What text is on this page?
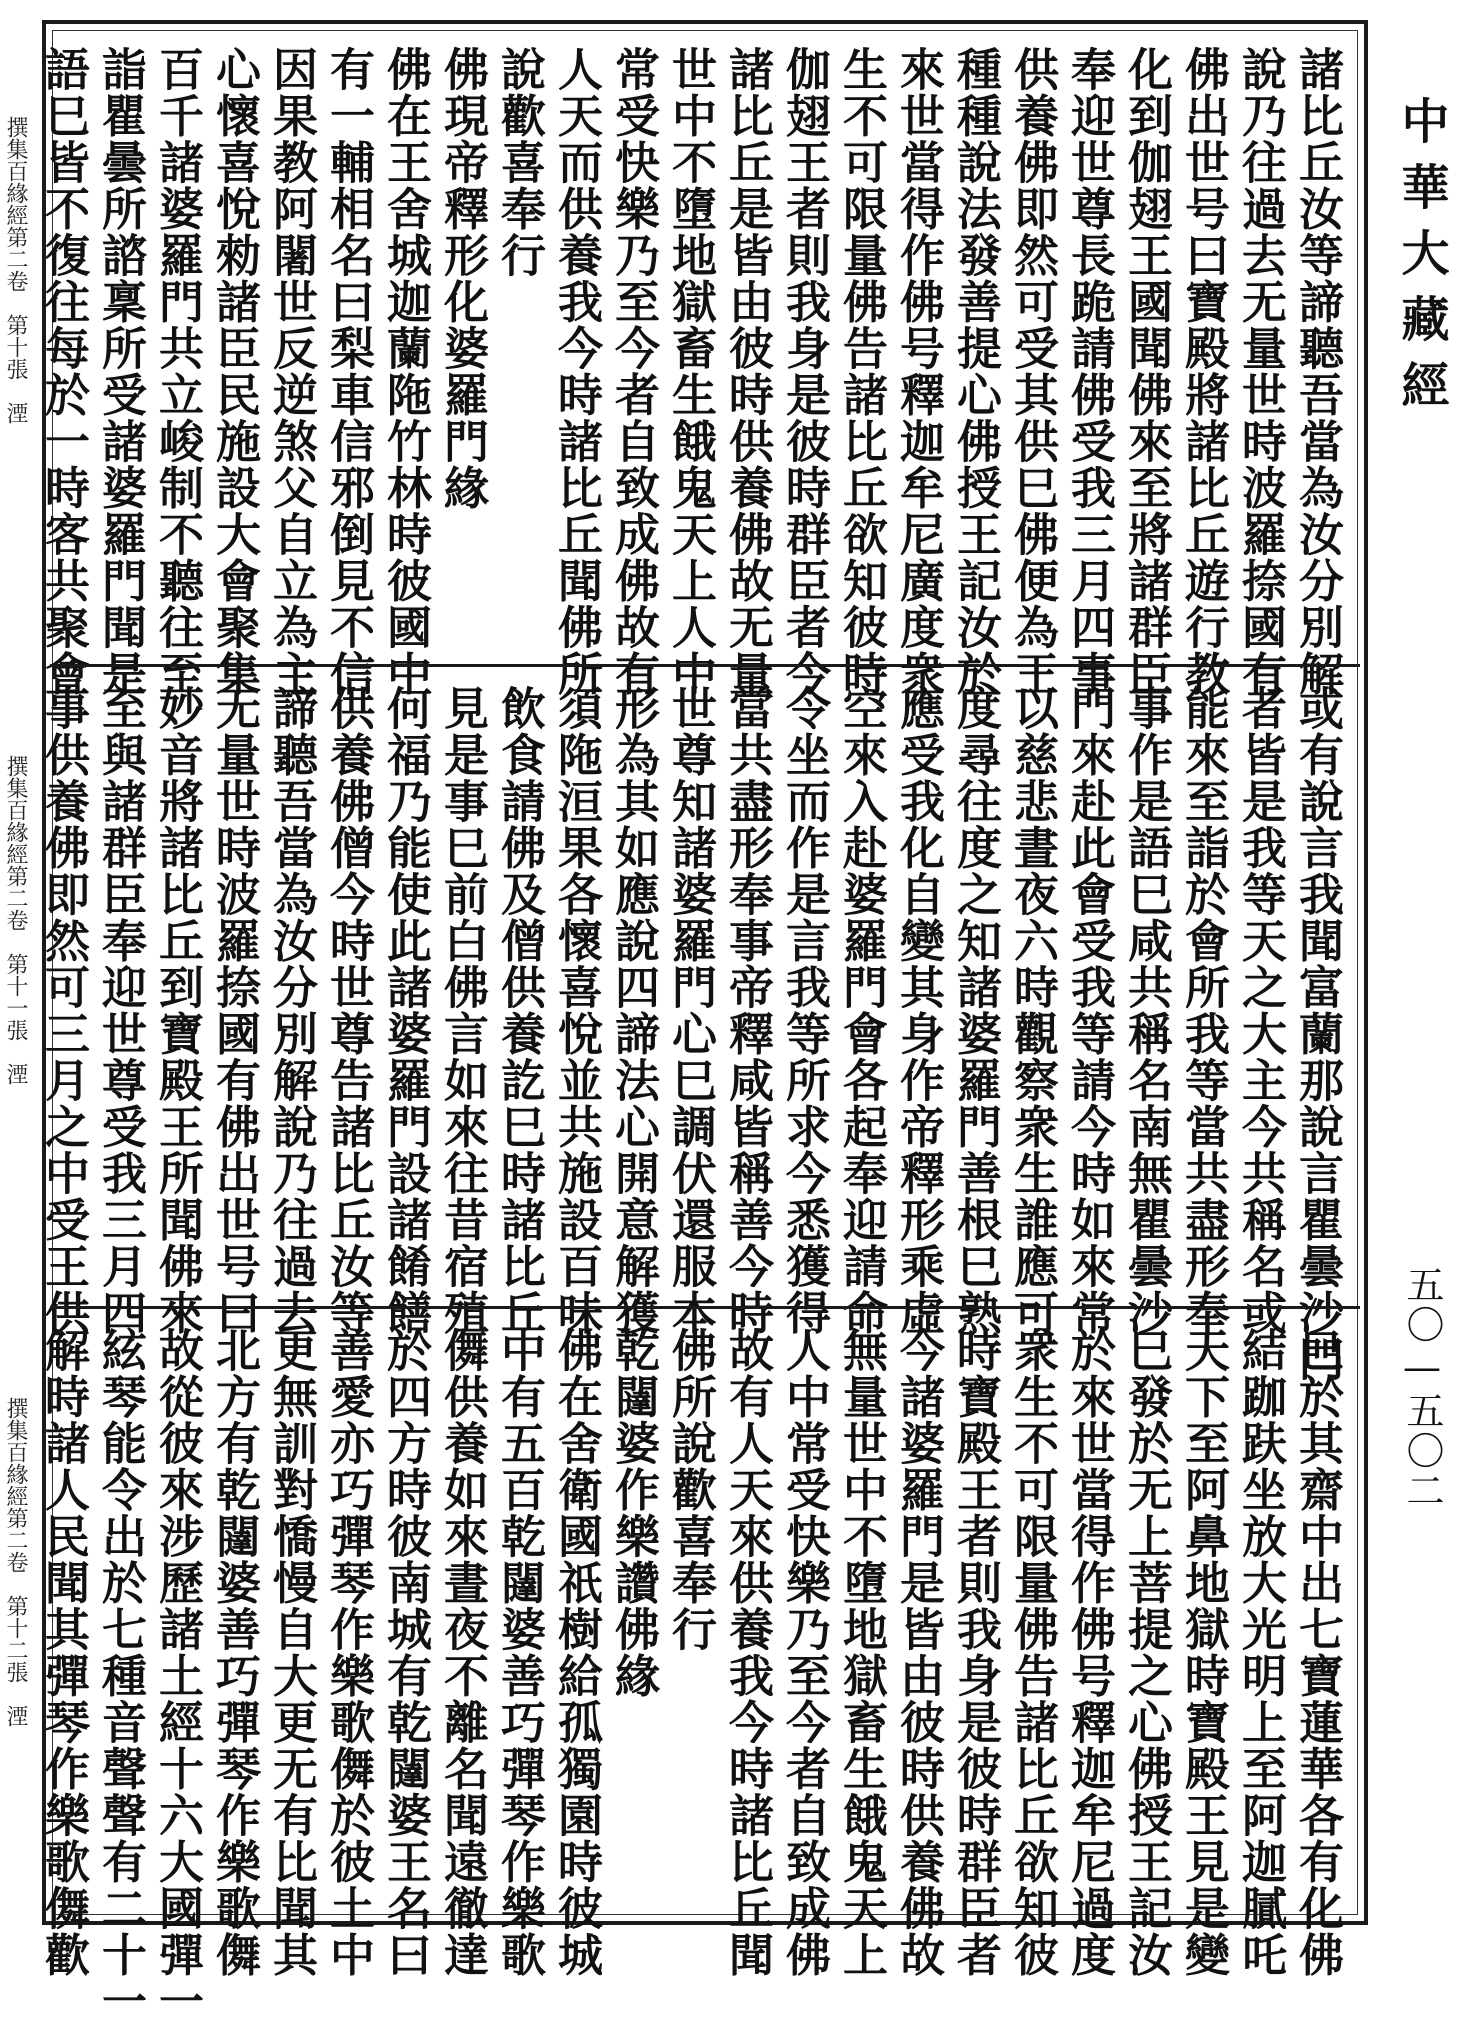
諸比丘汝等諦聽吾當為汝分別解
說乃往過去无量世時波羅捺國有
佛出世号曰寶殿將諸比丘遊行教
化到伽翅王國聞佛來至將諸群臣
奉迎世尊長跪請佛受我三月四事
供養佛即然可受其供巳佛便為王
種種說法發善提心佛授王記汝於
來世當得作佛号釋迦牟尼廣度衆
生不可限量佛告諸比丘欲知彼時
伽翅王者則我身是彼時群臣者今
諸比丘是皆由彼時供養佛故无量
世中不墮地獄畜生餓鬼天上人中
常受快樂乃至今者自致成佛故有
人天而供養我今時諸比丘聞佛所
說歡喜奉行
佛現帝釋形化婆羅門緣
佛在王舍城迦蘭陁竹林時彼國中
有一輔相名曰梨車信邪倒見不信
因果教阿闍世反逆煞父自立為主
心懷喜悅勑諸臣民施設大會聚集
百千諸婆羅門共立峻制不聽往至
詣瞿曇所諮稟所受諸婆羅門聞是
語巳皆不復往每於一時客共聚會
撰集百緣經第二卷　第十張　湮
或有說言我聞富蘭那說言瞿曇沙門
者皆是我等天之大主今共稱名或
能來至詣於會所我等當共盡形奉
事作是語巳咸共稱名南無瞿曇沙
門來赴此會受我等請今時如來常
以慈悲晝夜六時觀察衆生誰應可
度尋往度之知諸婆羅門善根巳熟
應受我化自變其身作帝釋形乘虛
空來入赴婆羅門會各起奉迎請命
令坐而作是言我等所求今悉獲得
當共盡形奉事帝釋咸皆稱善今時
世尊知諸婆羅門心巳調伏還服本
形為其如應說四諦法心開意解獲
須陁洹果各懷喜悅並共施設百味
飲食請佛及僧供養訖巳時諸比丘
見是事巳前白佛言如來往昔宿殖
何福乃能使此諸婆羅門設諸餚饍
供養佛僧今時世尊告諸比丘汝等
諦聽吾當為汝分別解說乃往過去
无量世時波羅捺國有佛出世号曰
妙音將諸比丘到寶殿王所聞佛來
至與諸群臣奉迎世尊受我三月四
事供養佛即然可三月之中受王供
撰集百緣經第二卷　第十一張　湮
巳於其齋中出七寶蓮華各有化佛
結跏趺坐放大光明上至阿迦膩吒
天下至阿鼻地獄時寶殿王見是變
巳發於无上菩提之心佛授王記汝
於來世當得作佛号釋迦牟尼過度
衆生不可限量佛告諸比丘欲知彼
時寶殿王者則我身是彼時群臣者
今諸婆羅門是皆由彼時供養佛故
無量世中不墮地獄畜生餓鬼天上
人中常受快樂乃至今者自致成佛
故有人天來供養我今時諸比丘聞
佛所說歡喜奉行
乾闥婆作樂讚佛緣
佛在舍衛國祇樹給孤獨園時彼城
中有五百乾闥婆善巧彈琴作樂歌
儛供養如來晝夜不離名聞遠徹達
於四方時彼南城有乾闥婆王名曰
善愛亦巧彈琴作樂歌儛於彼土中
更無訓對憍慢自大更无有比聞其
北方有乾闥婆善巧彈琴作樂歌儛
故從彼來涉歷諸土經十六大國彈一
絃琴能令出於七種音聲聲有二十一
解時諸人民聞其彈琴作樂歌儛歡
撰集百緣經第二卷　第十二張　湮
中華大藏經
五〇—五〇二
